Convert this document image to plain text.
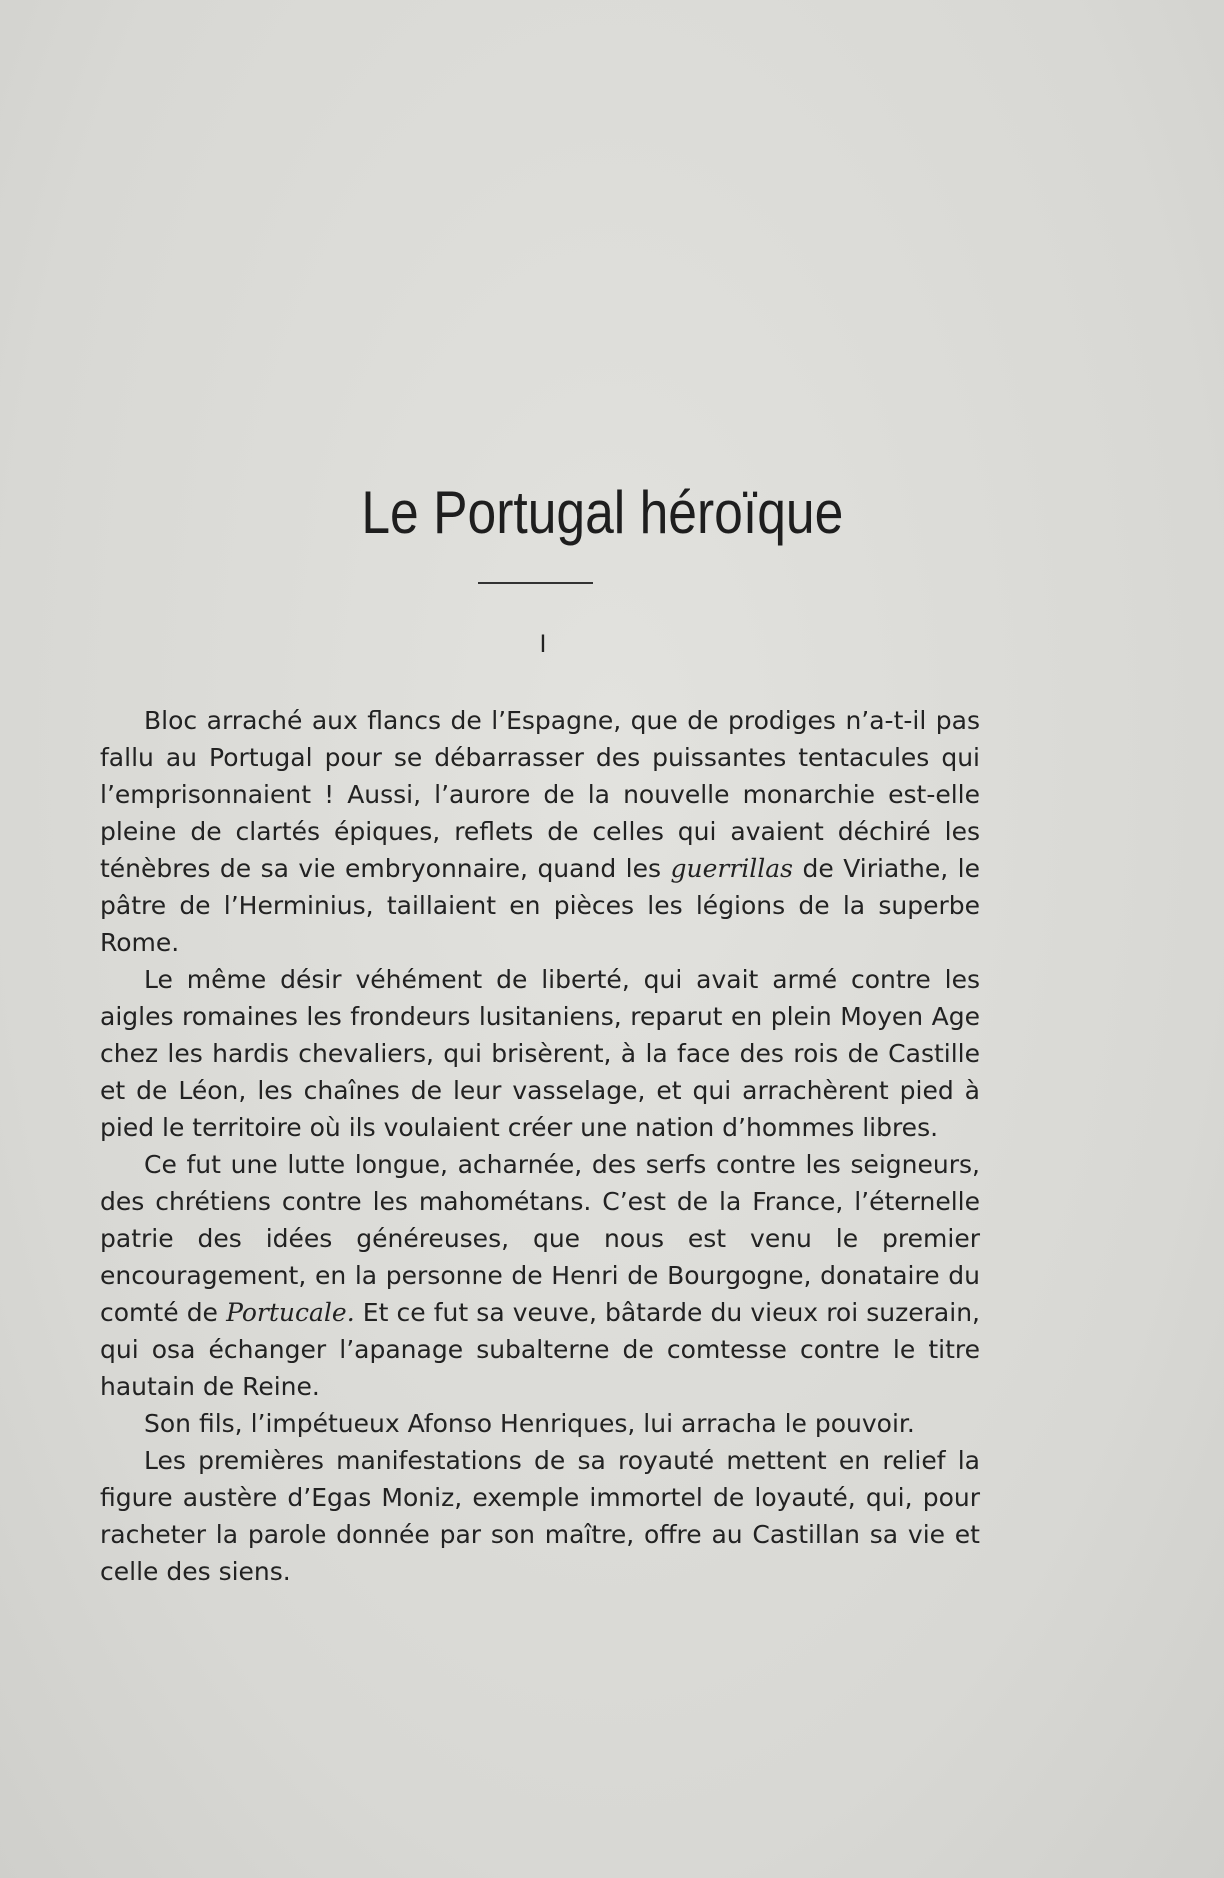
Le Portugal héroïque
I

Bloc arraché aux flancs de l’Espagne, que de prodiges n’a-t-il pas fallu au Portugal pour se débarrasser des puissantes tentacules qui l’emprisonnaient ! Aussi, l’aurore de la nouvelle monarchie est-elle pleine de clartés épiques, reflets de celles qui avaient déchiré les ténèbres de sa vie embryonnaire, quand les guerrillas de Viriathe, le pâtre de l’Herminius, taillaient en pièces les légions de la superbe Rome.

Le même désir véhément de liberté, qui avait armé contre les aigles romaines les frondeurs lusitaniens, reparut en plein Moyen Age chez les hardis chevaliers, qui brisèrent, à la face des rois de Castille et de Léon, les chaînes de leur vasselage, et qui arrachèrent pied à pied le territoire où ils voulaient créer une nation d’hommes libres.

Ce fut une lutte longue, acharnée, des serfs contre les seigneurs, des chrétiens contre les mahométans. C’est de la France, l’éternelle patrie des idées généreuses, que nous est venu le premier encouragement, en la personne de Henri de Bourgogne, donataire du comté de Portucale. Et ce fut sa veuve, bâtarde du vieux roi suzerain, qui osa échanger l’apanage subalterne de comtesse contre le titre hautain de Reine.

Son fils, l’impétueux Afonso Henriques, lui arracha le pouvoir.

Les premières manifestations de sa royauté mettent en relief la figure austère d’Egas Moniz, exemple immortel de loyauté, qui, pour racheter la parole donnée par son maître, offre au Castillan sa vie et celle des siens.
